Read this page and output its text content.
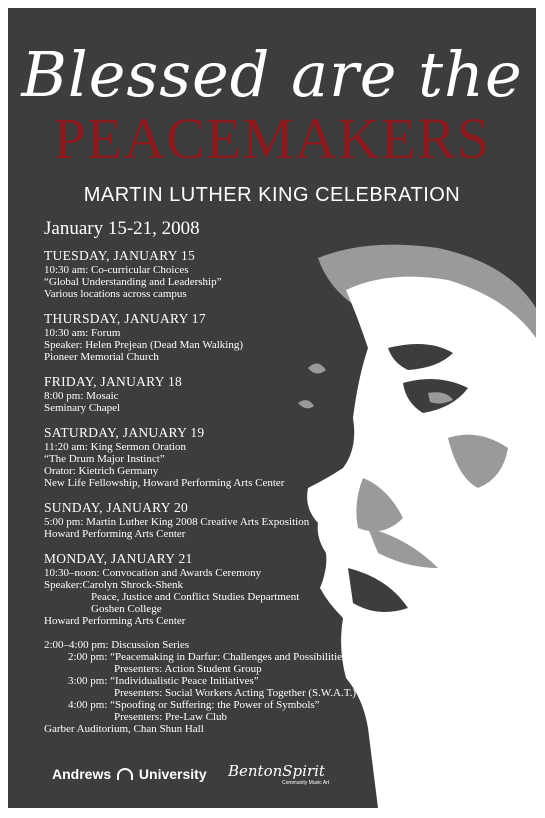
Blessed are the
PEACEMAKERS
MARTIN LUTHER KING CELEBRATION
January 15-21, 2008
TUESDAY, JANUARY 15
10:30 am: Co-curricular Choices
“Global Understanding and Leadership”
Various locations across campus
THURSDAY, JANUARY 17
10:30 am: Forum
Speaker: Helen Prejean (Dead Man Walking)
Pioneer Memorial Church
FRIDAY, JANUARY 18
8:00 pm: Mosaic
Seminary Chapel
SATURDAY, JANUARY 19
11:20 am: King Sermon Oration
“The Drum Major Instinct”
Orator: Kietrich Germany
New Life Fellowship, Howard Performing Arts Center
SUNDAY, JANUARY 20
5:00 pm: Martin Luther King 2008 Creative Arts Exposition
Howard Performing Arts Center
MONDAY, JANUARY 21
10:30–noon: Convocation and Awards Ceremony
Speaker:Carolyn Shrock-Shenk
Peace, Justice and Conflict Studies Department
Goshen College
Howard Performing Arts Center
2:00–4:00 pm: Discussion Series
2:00 pm: “Peacemaking in Darfur: Challenges and Possibilities”
Presenters: Action Student Group
3:00 pm: “Individualistic Peace Initiatives”
Presenters: Social Workers Acting Together (S.W.A.T.)
4:00 pm: “Spoofing or Suffering: the Power of Symbols”
Presenters: Pre-Law Club
Garber Auditorium, Chan Shun Hall
Andrews University BentonSpirit
Community Music Art
